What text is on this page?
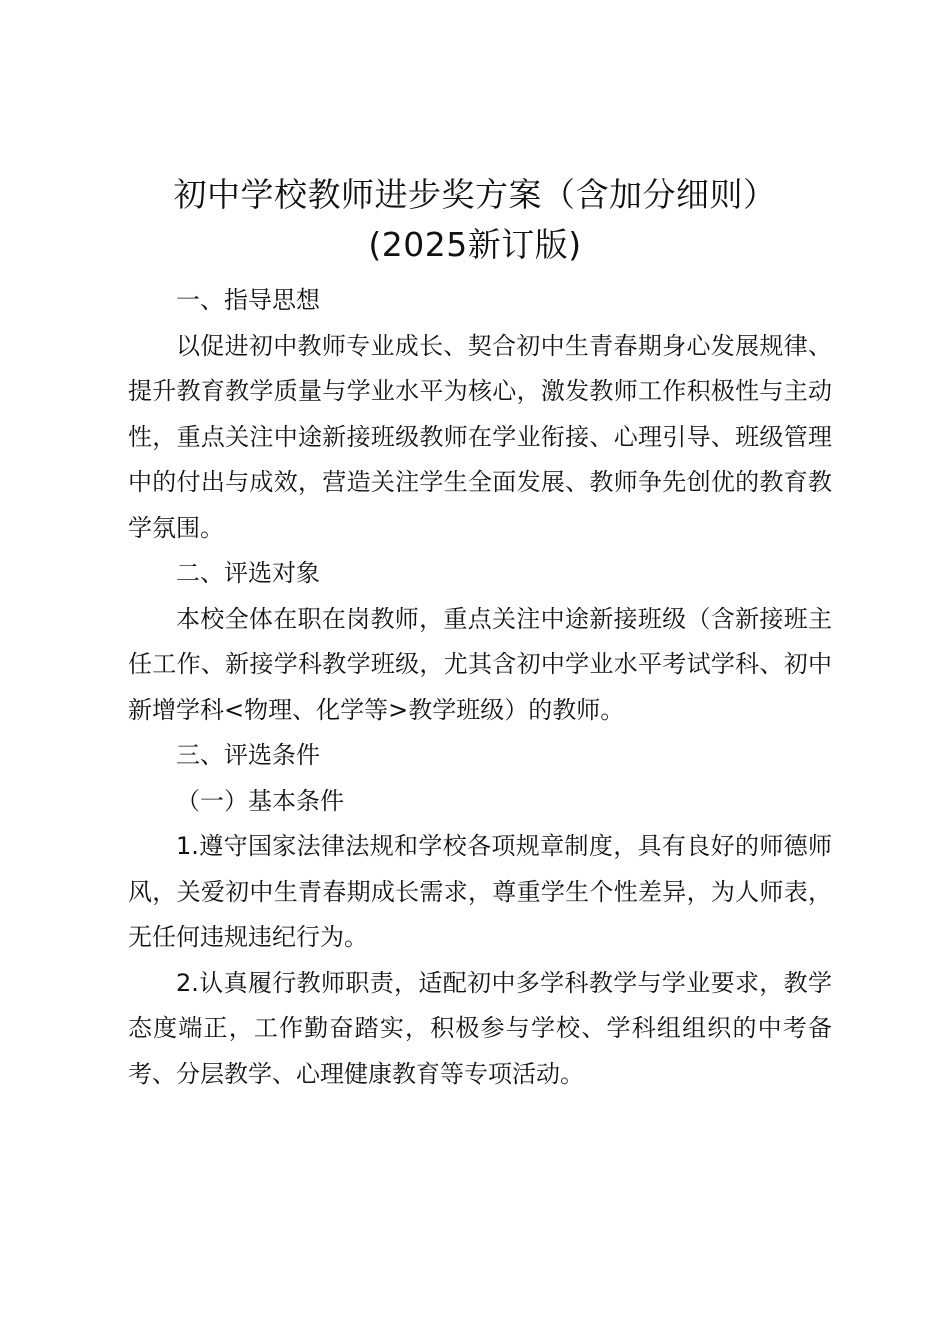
初中学校教师进步奖方案（含加分细则）
(2025新订版)

一、指导思想

以促进初中教师专业成长、契合初中生青春期身心发展规律、提升教育教学质量与学业水平为核心，激发教师工作积极性与主动性，重点关注中途新接班级教师在学业衔接、心理引导、班级管理中的付出与成效，营造关注学生全面发展、教师争先创优的教育教学氛围。

二、评选对象

本校全体在职在岗教师，重点关注中途新接班级（含新接班主任工作、新接学科教学班级，尤其含初中学业水平考试学科、初中新增学科<物理、化学等>教学班级）的教师。

三、评选条件

（一）基本条件

1.遵守国家法律法规和学校各项规章制度，具有良好的师德师风，关爱初中生青春期成长需求，尊重学生个性差异，为人师表，无任何违规违纪行为。

2.认真履行教师职责，适配初中多学科教学与学业要求，教学态度端正，工作勤奋踏实，积极参与学校、学科组组织的中考备考、分层教学、心理健康教育等专项活动。
